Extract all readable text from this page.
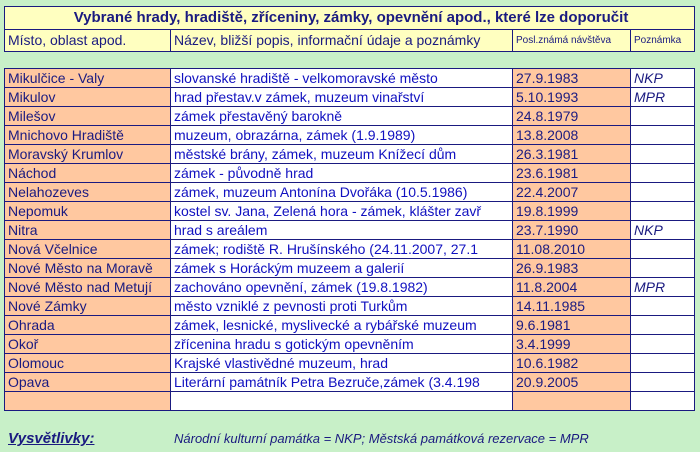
Vybrané hrady, hradiště, zříceniny, zámky, opevnění apod., které lze doporučit
Místo, oblast apod.	Název, bližší popis, informační údaje a poznámky	Posl.známá návštěva	Poznámka
Mikulčice - Valy	slovanské hradiště - velkomoravské město	27.9.1983	NKP
Mikulov	hrad přestav.v zámek, muzeum vinařství	5.10.1993	MPR
Milešov	zámek přestavěný barokně	24.8.1979	
Mnichovo Hradiště	muzeum, obrazárna, zámek (1.9.1989)	13.8.2008	
Moravský Krumlov	městské brány, zámek, muzeum Knížecí dům	26.3.1981	
Náchod	zámek - původně hrad	23.6.1981	
Nelahozeves	zámek, muzeum Antonína Dvořáka (10.5.1986)	22.4.2007	
Nepomuk	kostel sv. Jana, Zelená hora - zámek, klášter zavř	19.8.1999	
Nitra	hrad s areálem	23.7.1990	NKP
Nová Včelnice	zámek; rodiště R. Hrušínského (24.11.2007, 27.1	11.08.2010	
Nové Město na Moravě	zámek s Horáckým muzeem a galerií	26.9.1983	
Nové Město nad Metují	zachováno opevnění, zámek (19.8.1982)	11.8.2004	MPR
Nové Zámky	město vzniklé z pevnosti proti Turkům	14.11.1985	
Ohrada	zámek, lesnické, myslivecké a rybářské muzeum	9.6.1981	
Okoř	zřícenina hradu s gotickým opevněním	3.4.1999	
Olomouc	Krajské vlastivědné muzeum, hrad	10.6.1982	
Opava	Literární památník Petra Bezruče,zámek (3.4.198	20.9.2005	

Vysvětlivky:	Národní kulturní památka = NKP; Městská památková rezervace = MPR
